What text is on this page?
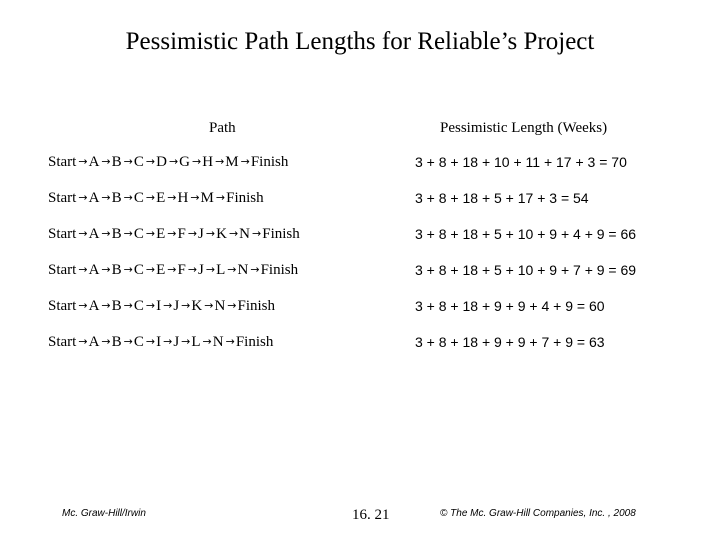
Pessimistic Path Lengths for Reliable’s Project
Path	Pessimistic Length (Weeks)
Start →A →B →C →D →G →H →M →Finish	3 + 8 + 18 + 10 + 11 + 17 + 3 = 70
Start →A →B →C →E →H →M →Finish	3 + 8 + 18 + 5 + 17 + 3 = 54
Start →A →B →C →E →F →J →K →N →Finish	3 + 8 + 18 + 5 + 10 + 9 + 4 + 9 = 66
Start →A →B →C →E →F →J →L →N →Finish	3 + 8 + 18 + 5 + 10 + 9 + 7 + 9 = 69
Start →A →B →C →I →J →K →N →Finish	3 + 8 + 18 + 9 + 9 + 4 + 9 = 60
Start →A →B →C →I →J →L →N →Finish	3 + 8 + 18 + 9 + 9 + 7 + 9 = 63
Mc. Graw-Hill/Irwin	16. 21	© The Mc. Graw-Hill Companies, Inc. , 2008
